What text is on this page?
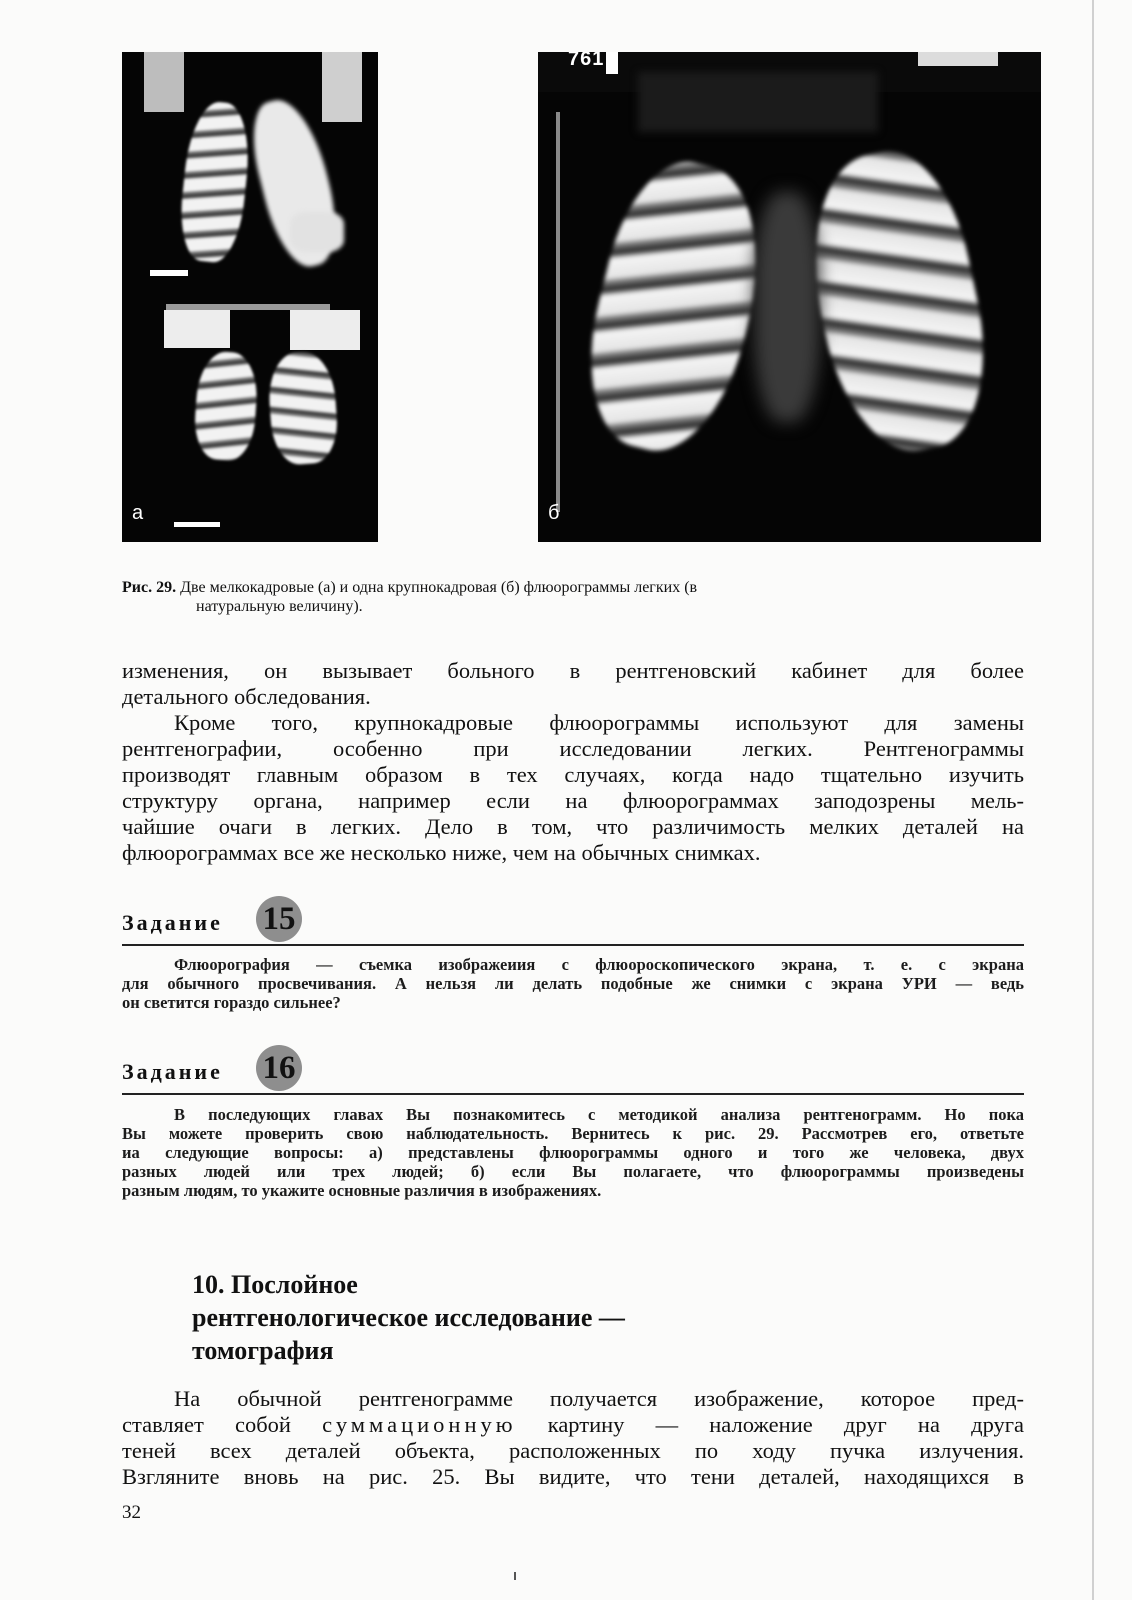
а
761
б
Рис. 29. Две мелкокадровые (а) и одна крупнокадровая (б) флюорограммы легких (в
натуральную величину).

изменения, он вызывает больного в рентгеновский кабинет для более

детального обследования.

Кроме того, крупнокадровые флюорограммы используют для замены

рентгенографии, особенно при исследовании легких. Рентгенограммы

производят главным образом в тех случаях, когда надо тщательно изучить

структуру органа, например если на флюорограммах заподозрены мель-

чайшие очаги в легких. Дело в том, что различимость мелких деталей на

флюорограммах все же несколько ниже, чем на обычных снимках.

Задание 15

Флюорография — съемка изображеиия с флюороскопического экрана, т. е. с экрана

для обычного просвечивания. А нельзя ли делать подобные же снимки с экрана УРИ — ведь

он светится гораздо сильнее?

Задание 16

В последующих главах Вы познакомитесь с методикой анализа рентгенограмм. Но пока

Вы можете проверить свою наблюдательность. Вернитесь к рис. 29. Рассмотрев его, ответьте

иа следующие вопросы: а) представлены флюорограммы одного и того же человека, двух

разных людей или трех людей; б) если Вы полагаете, что флюорограммы произведены

разным людям, то укажите основные различия в изображениях.

10. Послойное
рентгенологическое исследование —
томография

На обычной рентгенограмме получается изображение, которое пред-

ставляет собой суммационную картину — наложение друг на друга

теней всех деталей объекта, расположенных по ходу пучка излучения.

Взгляните вновь на рис. 25. Вы видите, что тени деталей, находящихся в

32
